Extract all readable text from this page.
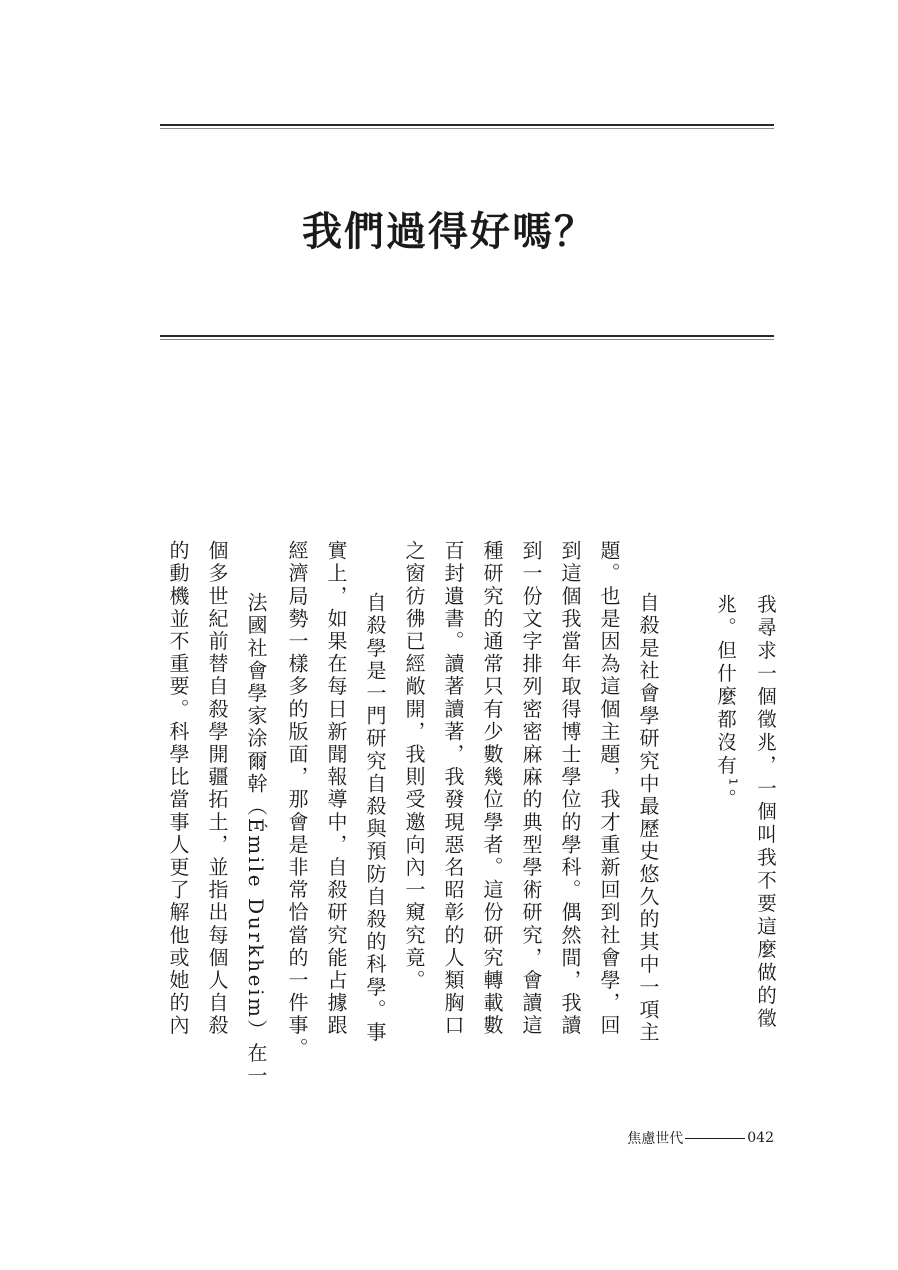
我們過得好嗎？

我尋求一個徵兆，一個叫我不要這麼做的徵

兆。但什麼都沒有$^1$。

自殺是社會學研究中最歷史悠久的其中一項主

題。也是因為這個主題，我才重新回到社會學，回

到這個我當年取得博士學位的學科。偶然間，我讀

到一份文字排列密密麻麻的典型學術研究，會讀這

種研究的通常只有少數幾位學者。這份研究轉載數

百封遺書。讀著讀著，我發現惡名昭彰的人類胸口

之窗彷彿已經敞開，我則受邀向內一窺究竟。

自殺學是一門研究自殺與預防自殺的科學。事

實上，如果在每日新聞報導中，自殺研究能占據跟

經濟局勢一樣多的版面，那會是非常恰當的一件事。

法國社會學家涂爾幹（Émile Durkheim）在一

個多世紀前替自殺學開疆拓土，並指出每個人自殺

的動機並不重要。科學比當事人更了解他或她的內

焦慮世代	042
